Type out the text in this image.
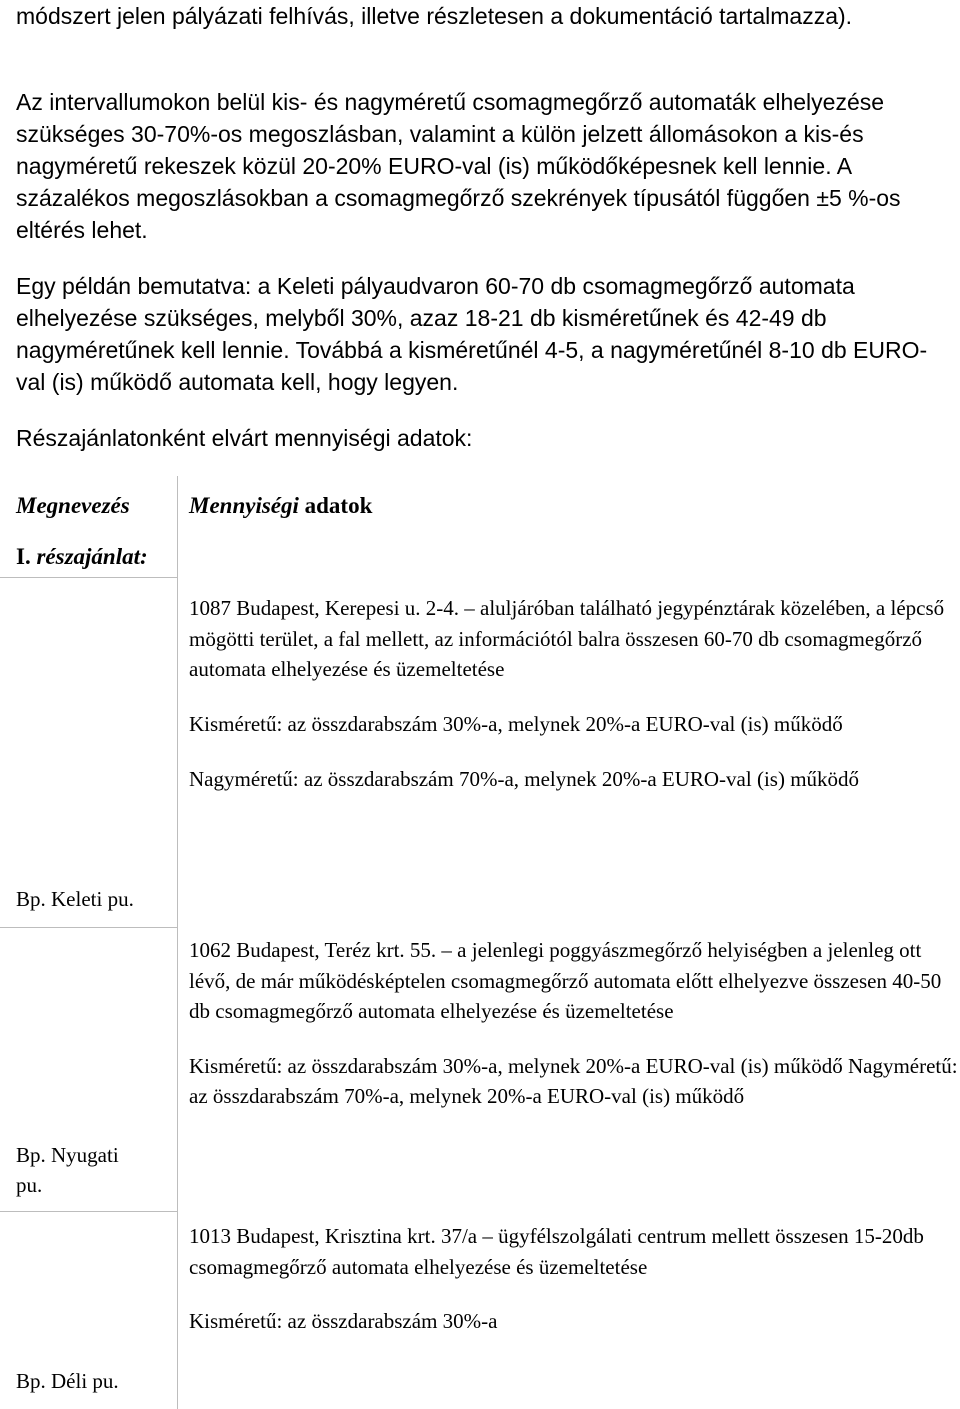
módszert jelen pályázati felhívás, illetve részletesen a dokumentáció tartalmazza).

Az intervallumokon belül kis- és nagyméretű csomagmegőrző automaták elhelyezése szükséges 30-70%-os megoszlásban, valamint a külön jelzett állomásokon a kis-és nagyméretű rekeszek közül 20-20% EURO-val (is) működőképesnek kell lennie. A százalékos megoszlásokban a csomagmegőrző szekrények típusától függően ±5 %-os eltérés lehet.

Egy példán bemutatva: a Keleti pályaudvaron 60-70 db csomagmegőrző automata elhelyezése szükséges, melyből 30%, azaz 18-21 db kisméretűnek és 42-49 db nagyméretűnek kell lennie. Továbbá a kisméretűnél 4-5, a nagyméretűnél 8-10 db EURO-val (is) működő automata kell, hogy legyen.

Részajánlatonként elvárt mennyiségi adatok:

Megnevezés	Mennyiségi adatok
I. részajánlat:

1087 Budapest, Kerepesi u. 2-4. – aluljáróban található jegypénztárak közelében, a lépcső mögötti terület, a fal mellett, az információtól balra összesen 60-70 db csomagmegőrző automata elhelyezése és üzemeltetése

Kisméretű: az összdarabszám 30%-a, melynek 20%-a EURO-val (is) működő

Nagyméretű: az összdarabszám 70%-a, melynek 20%-a EURO-val (is) működő

Bp. Keleti pu.

1062 Budapest, Teréz krt. 55. – a jelenlegi poggyászmegőrző helyiségben a jelenleg ott lévő, de már működésképtelen csomagmegőrző automata előtt elhelyezve összesen 40-50 db csomagmegőrző automata elhelyezése és üzemeltetése

Kisméretű: az összdarabszám 30%-a, melynek 20%-a EURO-val (is) működő Nagyméretű: az összdarabszám 70%-a, melynek 20%-a EURO-val (is) működő

Bp. Nyugati pu.

1013 Budapest, Krisztina krt. 37/a – ügyfélszolgálati centrum mellett összesen 15-20db csomagmegőrző automata elhelyezése és üzemeltetése

Kisméretű: az összdarabszám 30%-a

Bp. Déli pu.
